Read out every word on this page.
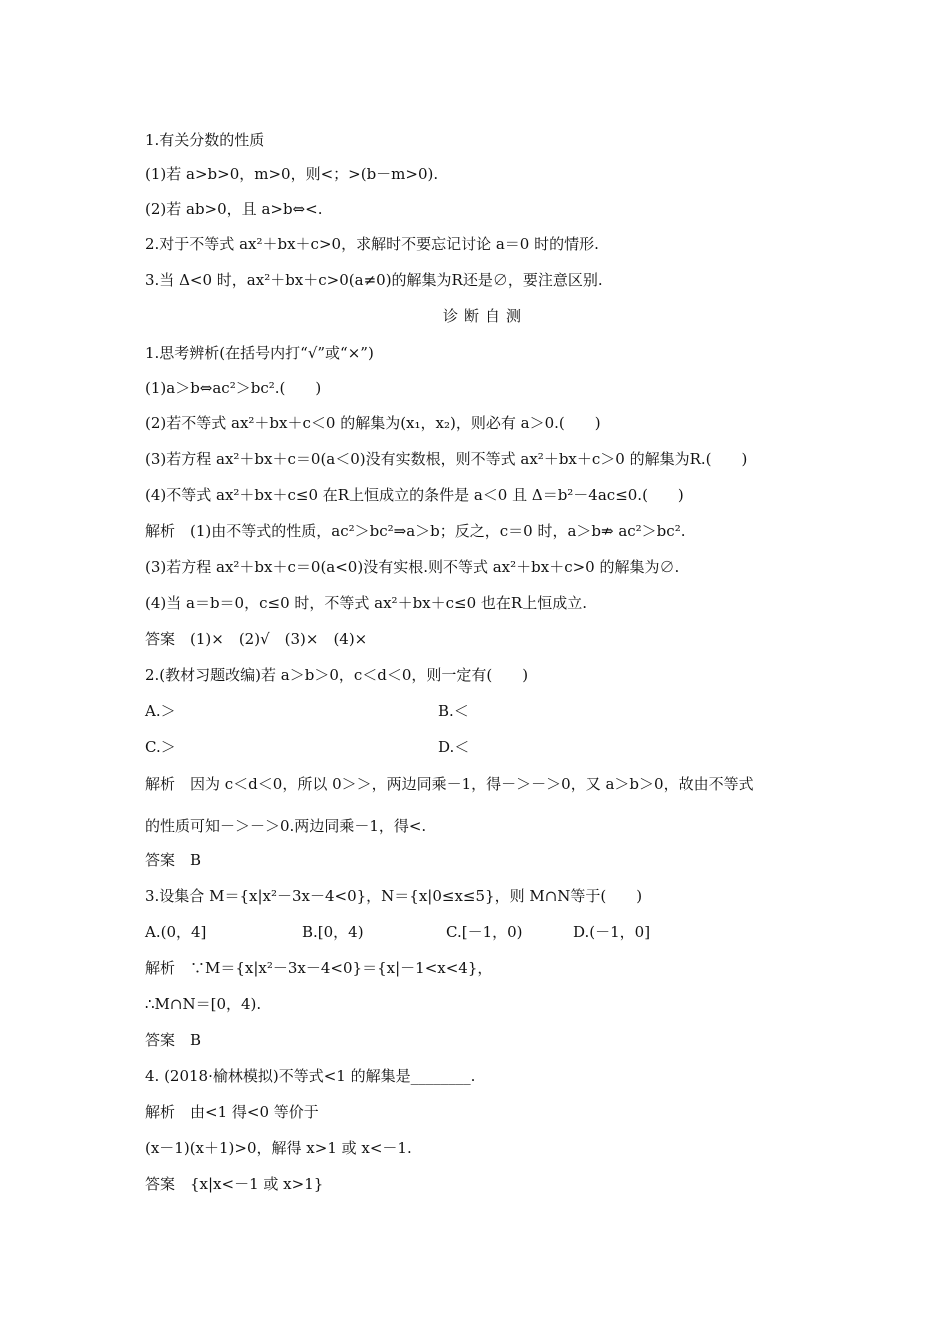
1.有关分数的性质
(1)若 a>b>0，m>0，则<；>(b－m>0).
(2)若 ab>0，且 a>b⇔<.
2.对于不等式 ax²＋bx＋c>0，求解时不要忘记讨论 a＝0 时的情形.
3.当 Δ<0 时，ax²＋bx＋c>0(a≠0)的解集为R还是∅，要注意区别.
诊断自测
1.思考辨析(在括号内打“√”或“×”)
(1)a＞b⇔ac²＞bc².(　　)
(2)若不等式 ax²＋bx＋c＜0 的解集为(x₁，x₂)，则必有 a＞0.(　　)
(3)若方程 ax²＋bx＋c＝0(a＜0)没有实数根，则不等式 ax²＋bx＋c＞0 的解集为R.(　　)
(4)不等式 ax²＋bx＋c≤0 在R上恒成立的条件是 a＜0 且 Δ＝b²－4ac≤0.(　　)
解析　(1)由不等式的性质，ac²＞bc²⇒a＞b；反之，c＝0 时，a＞b⇏ ac²＞bc².
(3)若方程 ax²＋bx＋c＝0(a<0)没有实根.则不等式 ax²＋bx＋c>0 的解集为∅.
(4)当 a＝b＝0，c≤0 时，不等式 ax²＋bx＋c≤0 也在R上恒成立.
答案　(1)×　(2)√　(3)×　(4)×
2.(教材习题改编)若 a＞b＞0，c＜d＜0，则一定有(　　)
A.＞	B.＜
C.＞	D.＜
解析　因为 c＜d＜0，所以 0＞＞，两边同乘－1，得－＞－＞0，又 a＞b＞0，故由不等式
的性质可知－＞－＞0.两边同乘－1，得<.
答案　B
3.设集合 M＝{x|x²－3x－4<0}，N＝{x|0≤x≤5}，则 M∩N等于(　　)
A.(0，4]	B.[0，4)	C.[－1，0)	D.(－1，0]
解析　∵M＝{x|x²－3x－4<0}＝{x|－1<x<4}，
∴M∩N＝[0，4).
答案　B
4. (2018·榆林模拟)不等式<1 的解集是________.
解析　由<1 得<0 等价于
(x－1)(x＋1)>0，解得 x>1 或 x<－1.
答案　{x|x<－1 或 x>1}
